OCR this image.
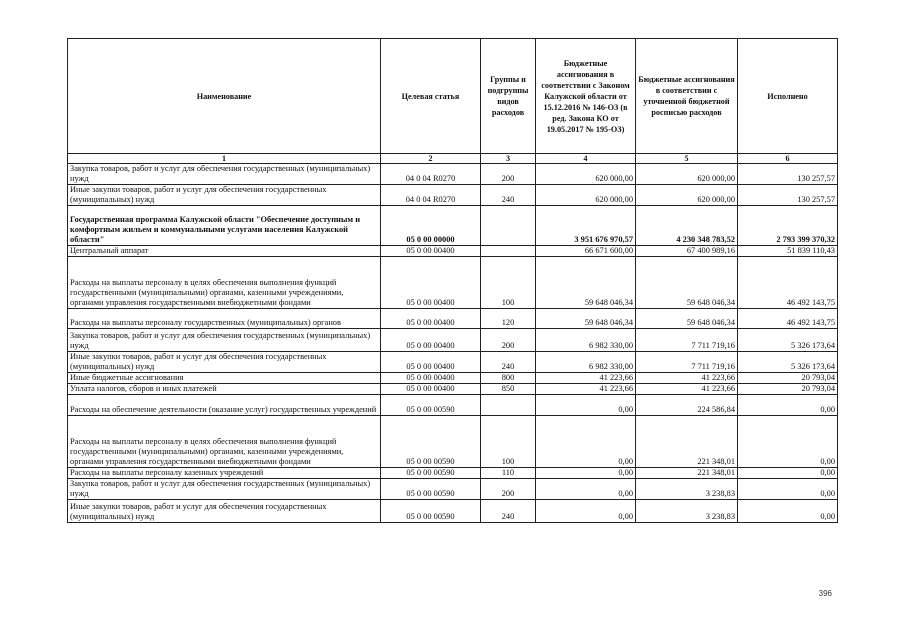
Наименование	Целевая статья	Группы и подгруппы видов расходов	Бюджетные ассигнования в соответствии с Законом Калужской области от 15.12.2016 № 146-ОЗ (в ред. Закона КО от 19.05.2017 № 195-ОЗ)	Бюджетные ассигнования в соответствии с уточненной бюджетной росписью расходов	Исполнено
1	2	3	4	5	6
Закупка товаров, работ и услуг для обеспечения государственных (муниципальных) нужд	04 0 04 R0270	200	620 000,00	620 000,00	130 257,57
Иные закупки товаров, работ и услуг для обеспечения государственных (муниципальных) нужд	04 0 04 R0270	240	620 000,00	620 000,00	130 257,57
Государственная программа Калужской области "Обеспечение доступным и комфортным жильем и коммунальными услугами населения Калужской области"	05 0 00 00000		3 951 676 970,57	4 230 348 783,52	2 793 399 370,32
Центральный аппарат	05 0 00 00400		66 671 600,00	67 400 989,16	51 839 110,43
Расходы на выплаты персоналу в целях обеспечения выполнения функций государственными (муниципальными) органами, казенными учреждениями, органами управления государственными внебюджетными фондами	05 0 00 00400	100	59 648 046,34	59 648 046,34	46 492 143,75
Расходы на выплаты персоналу государственных (муниципальных) органов	05 0 00 00400	120	59 648 046,34	59 648 046,34	46 492 143,75
Закупка товаров, работ и услуг для обеспечения государственных (муниципальных) нужд	05 0 00 00400	200	6 982 330,00	7 711 719,16	5 326 173,64
Иные закупки товаров, работ и услуг для обеспечения государственных (муниципальных) нужд	05 0 00 00400	240	6 982 330,00	7 711 719,16	5 326 173,64
Иные бюджетные ассигнования	05 0 00 00400	800	41 223,66	41 223,66	20 793,04
Уплата налогов, сборов и иных платежей	05 0 00 00400	850	41 223,66	41 223,66	20 793,04
Расходы на обеспечение деятельности (оказание услуг) государственных учреждений	05 0 00 00590		0,00	224 586,84	0,00
Расходы на выплаты персоналу в целях обеспечения выполнения функций государственными (муниципальными) органами, казенными учреждениями, органами управления государственными внебюджетными фондами	05 0 00 00590	100	0,00	221 348,01	0,00
Расходы на выплаты персоналу казенных учреждений	05 0 00 00590	110	0,00	221 348,01	0,00
Закупка товаров, работ и услуг для обеспечения государственных (муниципальных) нужд	05 0 00 00590	200	0,00	3 238,83	0,00
Иные закупки товаров, работ и услуг для обеспечения государственных (муниципальных) нужд	05 0 00 00590	240	0,00	3 238,83	0,00
396
